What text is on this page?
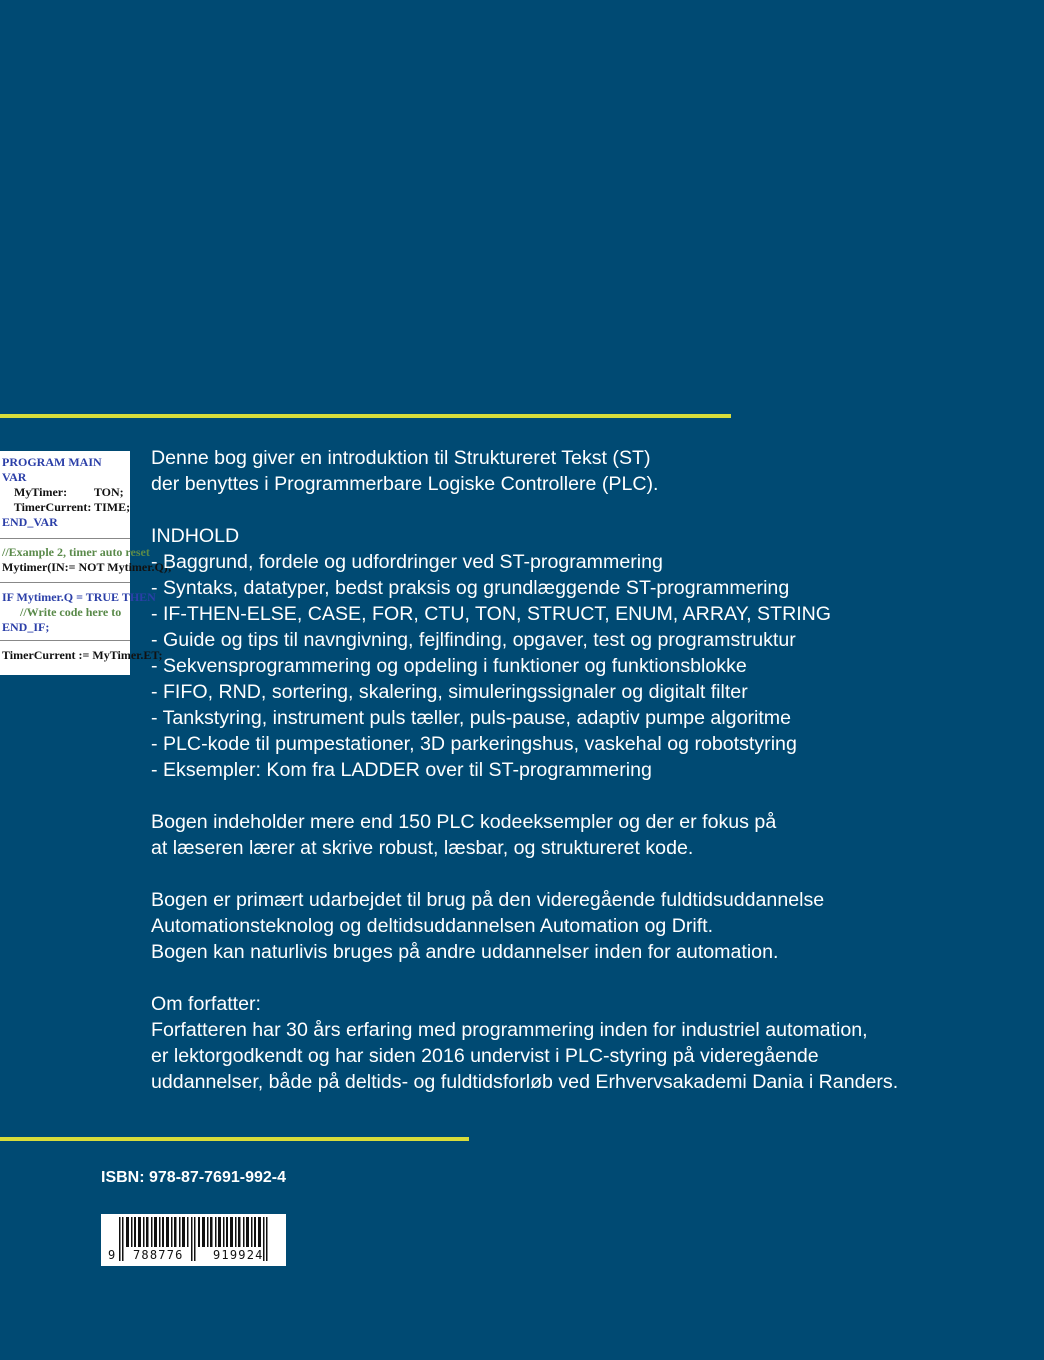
PROGRAM MAIN

VAR

MyTimer:         TON;

TimerCurrent: TIME;

END_VAR

//Example 2, timer auto reset

Mytimer(IN:= NOT Mytimer.Q);

IF Mytimer.Q = TRUE THEN

//Write code here to

END_IF;

TimerCurrent := MyTimer.ET;

Denne bog giver en introduktion til Struktureret Tekst (ST)

der benyttes i Programmerbare Logiske Controllere (PLC).

INDHOLD

- Baggrund, fordele og udfordringer ved ST-programmering

- Syntaks, datatyper, bedst praksis og grundlæggende ST-programmering

- IF-THEN-ELSE, CASE, FOR, CTU, TON, STRUCT, ENUM, ARRAY, STRING

- Guide og tips til navngivning, fejlfinding, opgaver, test og programstruktur

- Sekvensprogrammering og opdeling i funktioner og funktionsblokke

- FIFO, RND, sortering, skalering, simuleringssignaler og digitalt filter

- Tankstyring, instrument puls tæller, puls-pause, adaptiv pumpe algoritme

- PLC-kode til pumpestationer, 3D parkeringshus, vaskehal og robotstyring

- Eksempler: Kom fra LADDER over til ST-programmering

Bogen indeholder mere end 150 PLC kodeeksempler og der er fokus på

at læseren lærer at skrive robust, læsbar, og struktureret kode.

Bogen er primært udarbejdet til brug på den videregående fuldtidsuddannelse

Automationsteknolog og deltidsuddannelsen Automation og Drift.

Bogen kan naturlivis bruges på andre uddannelser inden for automation.

Om forfatter:

Forfatteren har 30 års erfaring med programmering inden for industriel automation,

er lektorgodkendt og har siden 2016 undervist i PLC-styring på videregående

uddannelser, både på deltids- og fuldtidsforløb ved Erhvervsakademi Dania i Randers.

ISBN: 978-87-7691-992-4
9 788776 919924
